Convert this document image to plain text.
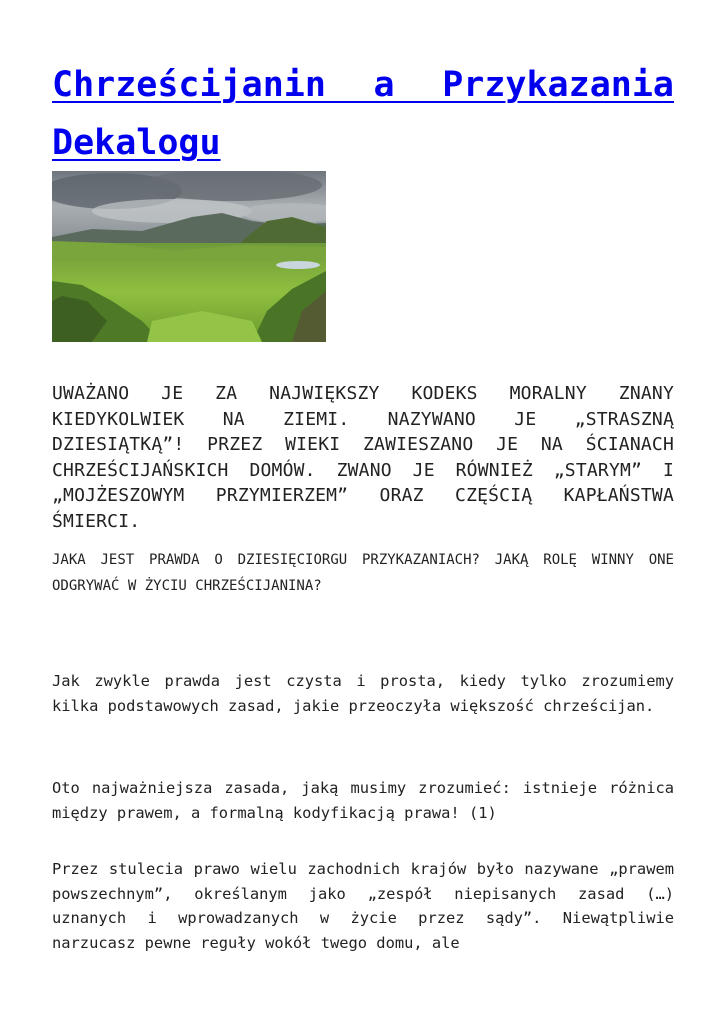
Chrześcijanin a Przykazania Dekalogu

UWAŻANO JE ZA NAJWIĘKSZY KODEKS MORALNY ZNANY KIEDYKOLWIEK NA ZIEMI. NAZYWANO JE „STRASZNĄ DZIESIĄTKĄ”! PRZEZ WIEKI ZAWIESZANO JE NA ŚCIANACH CHRZEŚCIJAŃSKICH DOMÓW. ZWANO JE RÓWNIEŻ „STARYM” I „MOJŻESZOWYM PRZYMIERZEM” ORAZ CZĘŚCIĄ KAPŁAŃSTWA ŚMIERCI.

JAKA JEST PRAWDA O DZIESIĘCIORGU PRZYKAZANIACH? JAKĄ ROLĘ WINNY ONE ODGRYWAĆ W ŻYCIU CHRZEŚCIJANINA?

Jak zwykle prawda jest czysta i prosta, kiedy tylko zrozumiemy kilka podstawowych zasad, jakie przeoczyła większość chrześcijan.

Oto najważniejsza zasada, jaką musimy zrozumieć: istnieje różnica między prawem, a formalną kodyfikacją prawa! (1)

Przez stulecia prawo wielu zachodnich krajów było nazywane „prawem powszechnym”, określanym jako „zespół niepisanych zasad (…) uznanych i wprowadzanych w życie przez sądy”. Niewątpliwie narzucasz pewne reguły wokół twego domu, ale
